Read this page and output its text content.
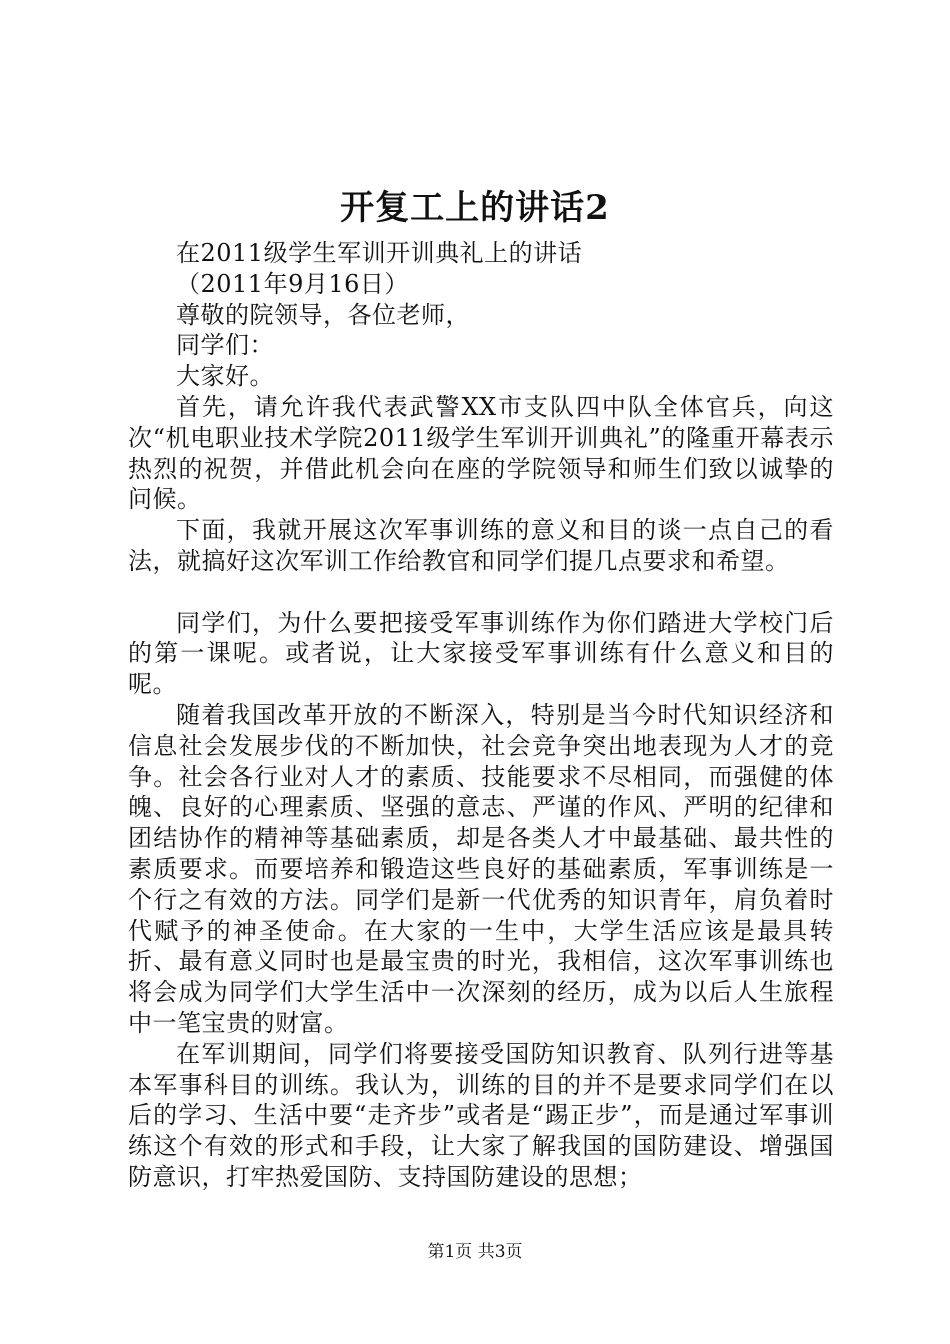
开复工上的讲话2

在2011级学生军训开训典礼上的讲话

（2011年9月16日）

尊敬的院领导，各位老师，

同学们：

大家好。

首先，请允许我代表武警XX市支队四中队全体官兵，向这次“机电职业技术学院2011级学生军训开训典礼”的隆重开幕表示热烈的祝贺，并借此机会向在座的学院领导和师生们致以诚挚的问候。

下面，我就开展这次军事训练的意义和目的谈一点自己的看法，就搞好这次军训工作给教官和同学们提几点要求和希望。

同学们，为什么要把接受军事训练作为你们踏进大学校门后的第一课呢。或者说，让大家接受军事训练有什么意义和目的呢。

随着我国改革开放的不断深入，特别是当今时代知识经济和信息社会发展步伐的不断加快，社会竞争突出地表现为人才的竞争。社会各行业对人才的素质、技能要求不尽相同，而强健的体魄、良好的心理素质、坚强的意志、严谨的作风、严明的纪律和团结协作的精神等基础素质，却是各类人才中最基础、最共性的素质要求。而要培养和锻造这些良好的基础素质，军事训练是一个行之有效的方法。同学们是新一代优秀的知识青年，肩负着时代赋予的神圣使命。在大家的一生中，大学生活应该是最具转折、最有意义同时也是最宝贵的时光，我相信，这次军事训练也将会成为同学们大学生活中一次深刻的经历，成为以后人生旅程中一笔宝贵的财富。

在军训期间，同学们将要接受国防知识教育、队列行进等基本军事科目的训练。我认为，训练的目的并不是要求同学们在以后的学习、生活中要“走齐步”或者是“踢正步”，而是通过军事训练这个有效的形式和手段，让大家了解我国的国防建设、增强国防意识，打牢热爱国防、支持国防建设的思想；

第1页 共3页
